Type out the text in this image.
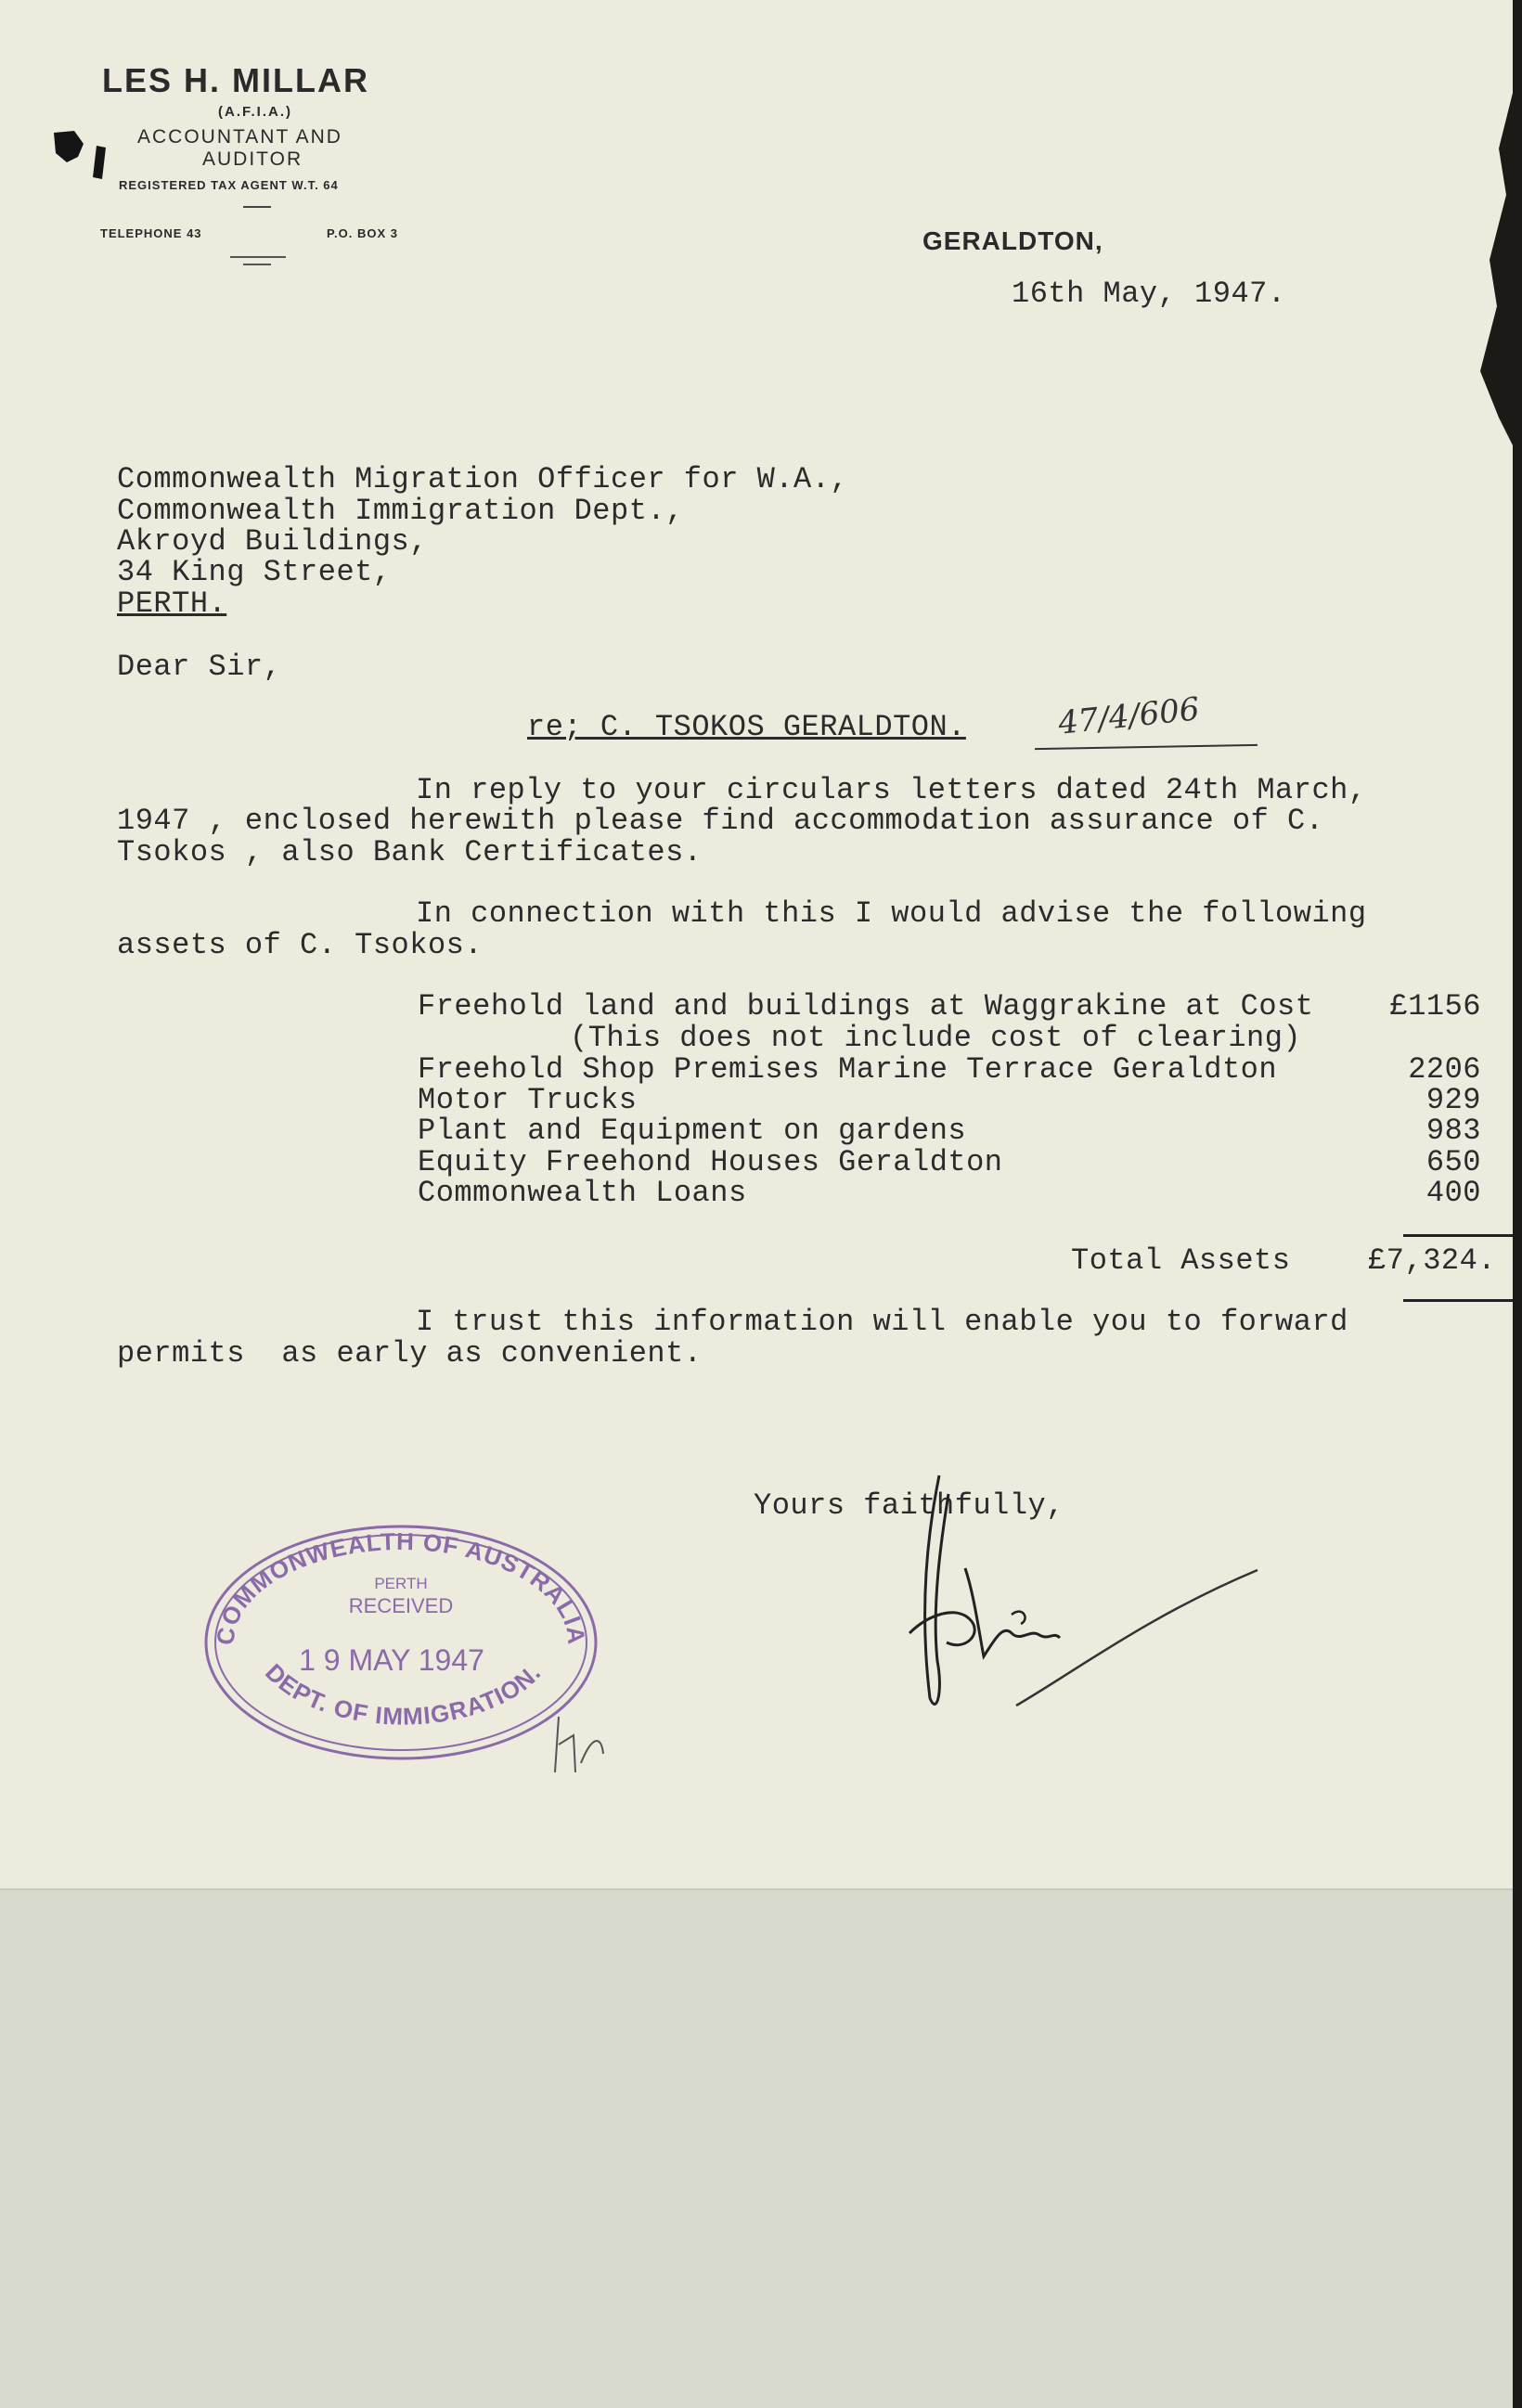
LES H. MILLAR
(A.F.I.A.)
ACCOUNTANT AND
AUDITOR
REGISTERED TAX AGENT W.T. 64
TELEPHONE 43	P.O. BOX 3	GERALDTON,
16th May, 1947.
Commonwealth Migration Officer for W.A.,
Commonwealth Immigration Dept.,
Akroyd Buildings,
34 King Street,
PERTH.
Dear Sir,
re; C. TSOKOS GERALDTON.	47/4/606
In reply to your circulars letters dated 24th March,
1947 , enclosed herewith please find accommodation assurance of C.
Tsokos , also Bank Certificates.
In connection with this I would advise the following
assets of C. Tsokos.
Freehold land and buildings at Waggrakine at Cost	£1156
(This does not include cost of clearing)
Freehold Shop Premises Marine Terrace Geraldton	2206
Motor Trucks	929
Plant and Equipment on gardens	983
Equity Freehond Houses Geraldton	650
Commonwealth Loans	400
Total Assets	£7,324.
I trust this information will enable you to forward
permits  as early as convenient.
Yours faithfully,
COMMONWEALTH OF AUSTRALIA
PERTH
RECEIVED
1 9 MAY 1947
DEPT. OF IMMIGRATION.
